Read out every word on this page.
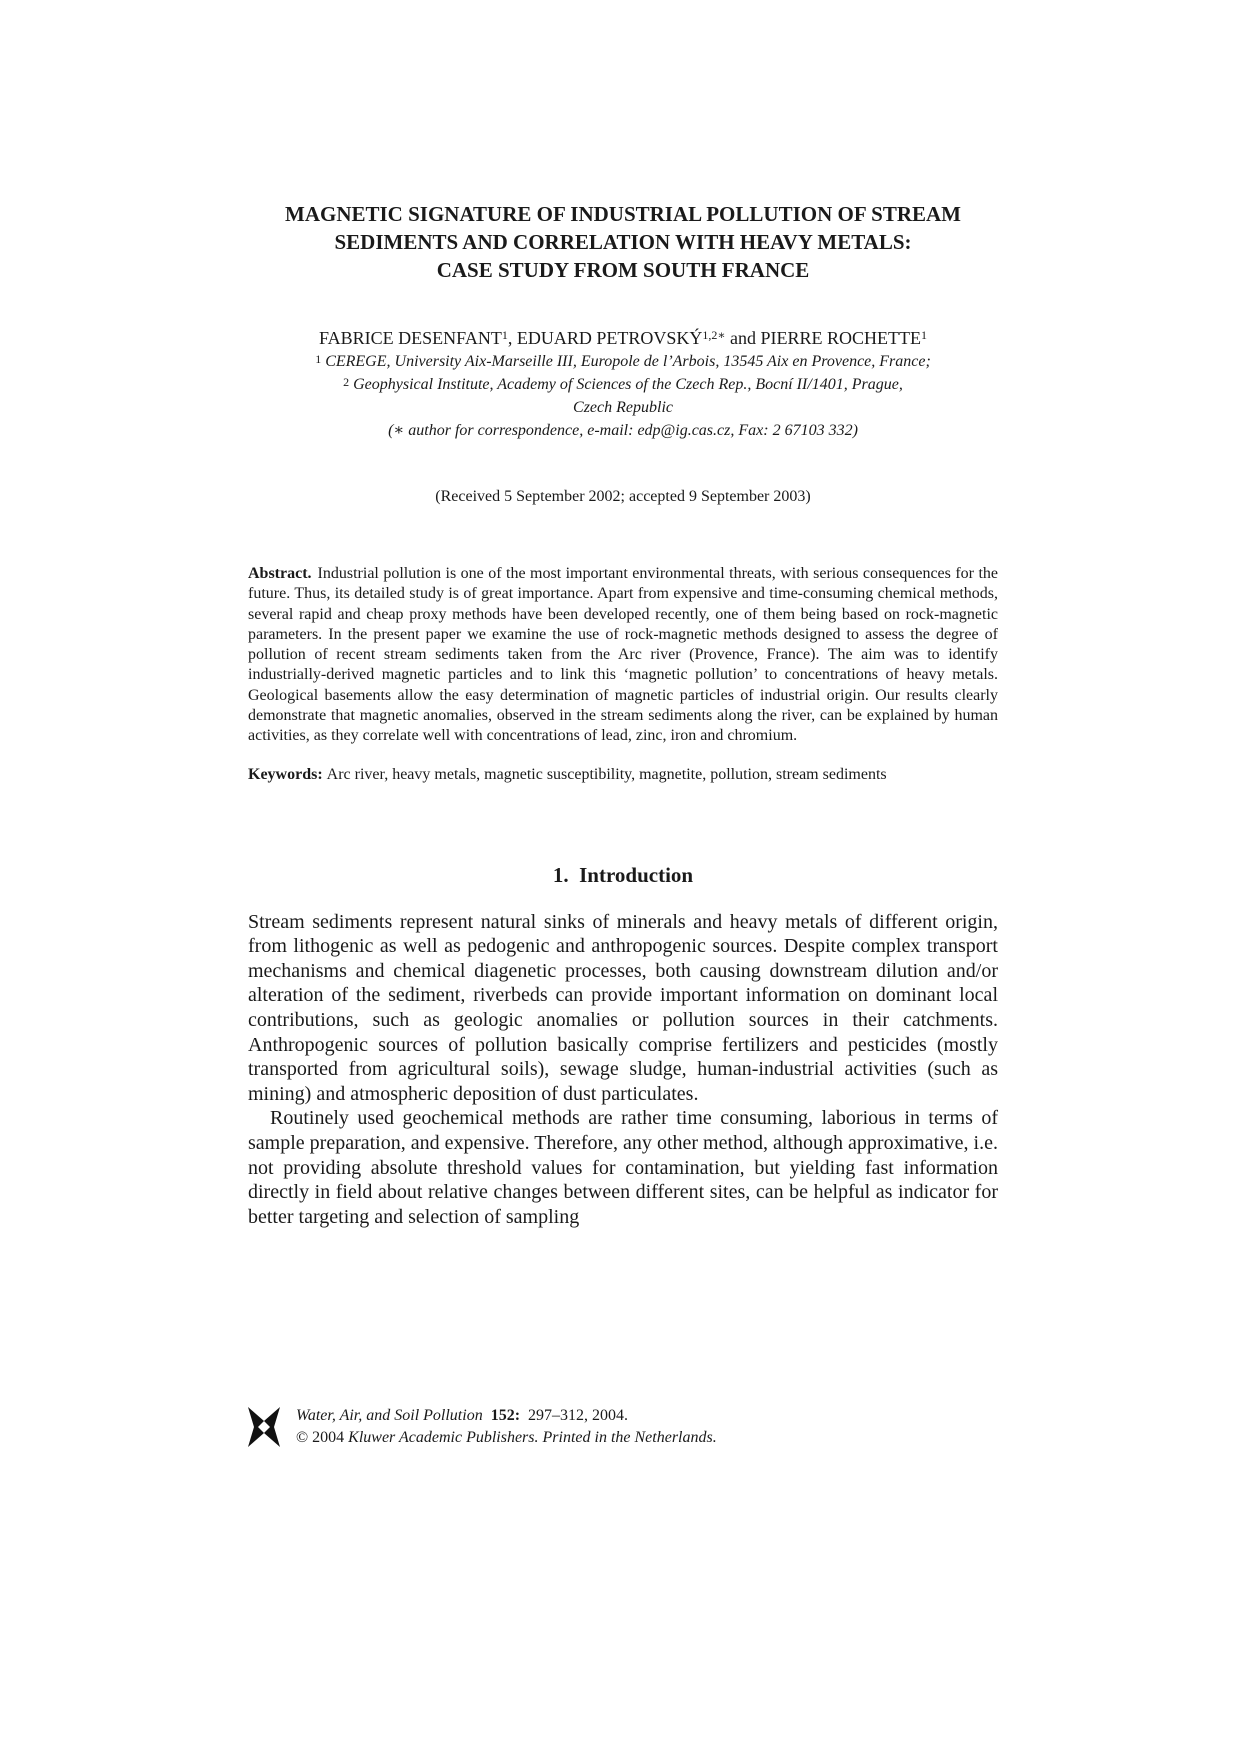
MAGNETIC SIGNATURE OF INDUSTRIAL POLLUTION OF STREAM
SEDIMENTS AND CORRELATION WITH HEAVY METALS:
CASE STUDY FROM SOUTH FRANCE
FABRICE DESENFANT$^1$, EDUARD $PETROVSKÝ^{1,2∗}$ and PIERRE ROCHETTE$^1$
$^1$ CEREGE, University Aix-Marseille III, Europole de l’Arbois, 13545 Aix en Provence, France;
$^2$ Geophysical Institute, Academy of Sciences of the Czech Rep., Bocní II/1401, Prague,
Czech Republic
(∗ author for correspondence, e-mail: edp@ig.cas.cz, Fax: 2 67103 332)
(Received 5 September 2002; accepted 9 September 2003)
Abstract. Industrial pollution is one of the most important environmental threats, with serious consequences for the future. Thus, its detailed study is of great importance. Apart from expensive and time-consuming chemical methods, several rapid and cheap proxy methods have been developed recently, one of them being based on rock-magnetic parameters. In the present paper we examine the use of rock-magnetic methods designed to assess the degree of pollution of recent stream sediments taken from the Arc river (Provence, France). The aim was to identify industrially-derived magnetic particles and to link this ‘magnetic pollution’ to concentrations of heavy metals. Geological basements allow the easy determination of magnetic particles of industrial origin. Our results clearly demonstrate that magnetic anomalies, observed in the stream sediments along the river, can be explained by human activities, as they correlate well with concentrations of lead, zinc, iron and chromium.
Keywords: Arc river, heavy metals, magnetic susceptibility, magnetite, pollution, stream sediments
1. Introduction

Stream sediments represent natural sinks of minerals and heavy metals of different origin, from lithogenic as well as pedogenic and anthropogenic sources. Despite complex transport mechanisms and chemical diagenetic processes, both causing downstream dilution and/or alteration of the sediment, riverbeds can provide important information on dominant local contributions, such as geologic anomalies or pollution sources in their catchments. Anthropogenic sources of pollution basically comprise fertilizers and pesticides (mostly transported from agricultural soils), sewage sludge, human-industrial activities (such as mining) and atmospheric deposition of dust particulates.

Routinely used geochemical methods are rather time consuming, laborious in terms of sample preparation, and expensive. Therefore, any other method, although approximative, i.e. not providing absolute threshold values for contamination, but yielding fast information directly in field about relative changes between different sites, can be helpful as indicator for better targeting and selection of sampling

Water, Air, and Soil Pollution 152: 297–312, 2004.
© 2004 Kluwer Academic Publishers. Printed in the Netherlands.
